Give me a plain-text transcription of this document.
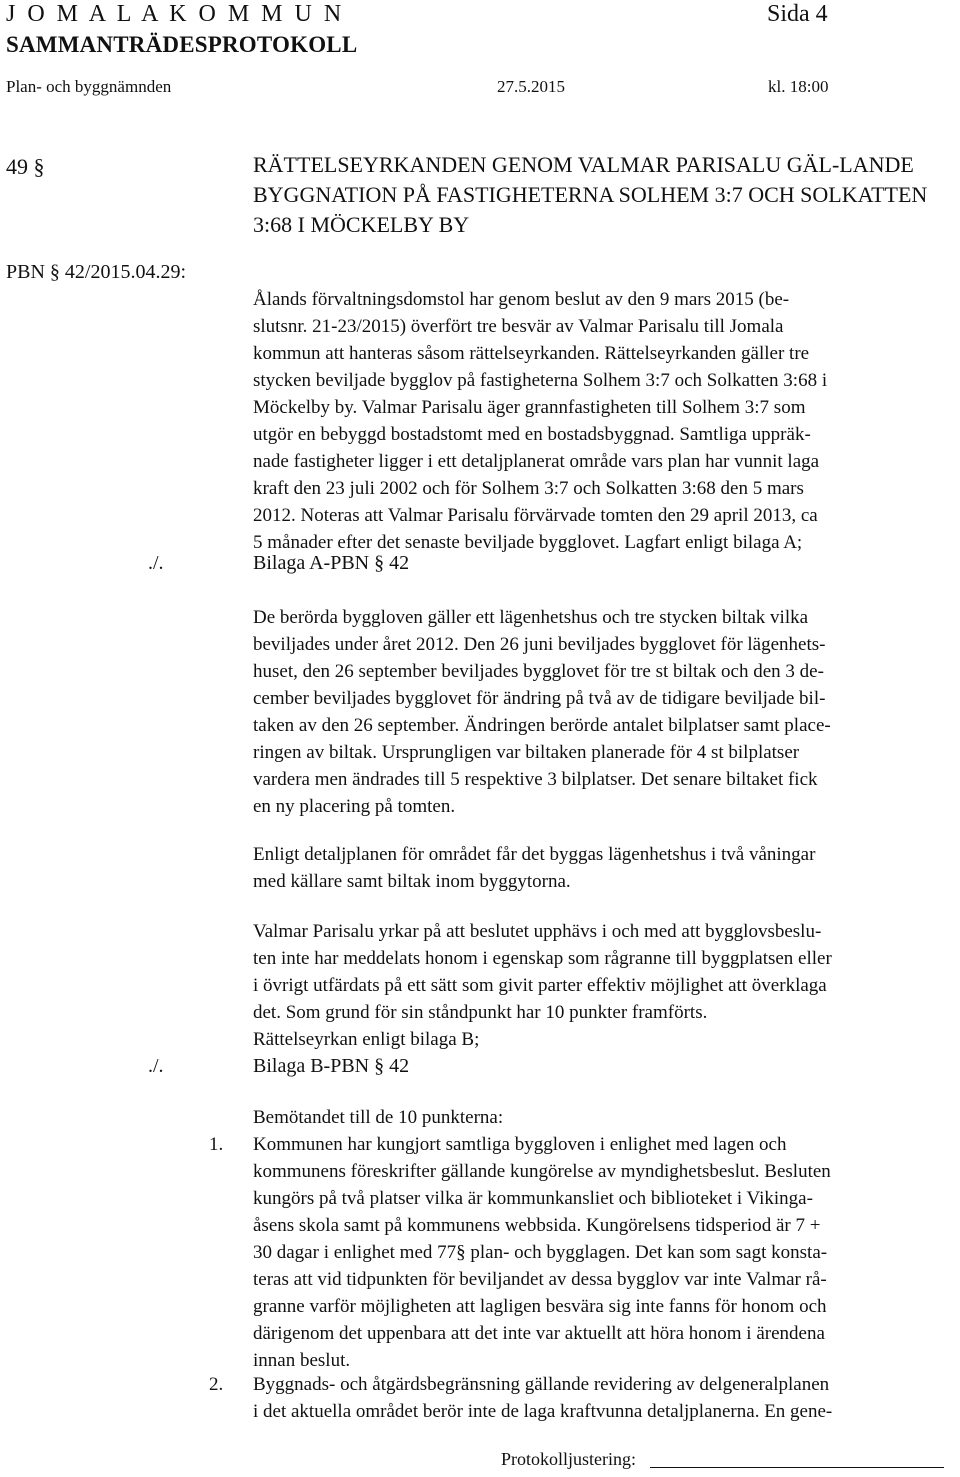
J O M A L A K O M M U N	Sida 4
SAMMANTRÄDESPROTOKOLL
Plan- och byggnämnden	27.5.2015	kl. 18:00
49 §	RÄTTELSEYRKANDEN GENOM VALMAR PARISALU GÄL-LANDE BYGGNATION PÅ FASTIGHETERNA SOLHEM 3:7 OCH SOLKATTEN 3:68 I MÖCKELBY BY
PBN § 42/2015.04.29:
Ålands förvaltningsdomstol har genom beslut av den 9 mars 2015 (be-
slutsnr. 21-23/2015) överfört tre besvär av Valmar Parisalu till Jomala
kommun att hanteras såsom rättelseyrkanden. Rättelseyrkanden gäller tre
stycken beviljade bygglov på fastigheterna Solhem 3:7 och Solkatten 3:68 i
Möckelby by. Valmar Parisalu äger grannfastigheten till Solhem 3:7 som
utgör en bebyggd bostadstomt med en bostadsbyggnad. Samtliga uppräk-
nade fastigheter ligger i ett detaljplanerat område vars plan har vunnit laga
kraft den 23 juli 2002 och för Solhem 3:7 och Solkatten 3:68 den 5 mars
2012. Noteras att Valmar Parisalu förvärvade tomten den 29 april 2013, ca
5 månader efter det senaste beviljade bygglovet. Lagfart enligt bilaga A;
./.	Bilaga A-PBN § 42
De berörda byggloven gäller ett lägenhetshus och tre stycken biltak vilka
beviljades under året 2012. Den 26 juni beviljades bygglovet för lägenhets-
huset, den 26 september beviljades bygglovet för tre st biltak och den 3 de-
cember beviljades bygglovet för ändring på två av de tidigare beviljade bil-
taken av den 26 september. Ändringen berörde antalet bilplatser samt place-
ringen av biltak. Ursprungligen var biltaken planerade för 4 st bilplatser
vardera men ändrades till 5 respektive 3 bilplatser. Det senare biltaket fick
en ny placering på tomten.
Enligt detaljplanen för området får det byggas lägenhetshus i två våningar
med källare samt biltak inom byggytorna.
Valmar Parisalu yrkar på att beslutet upphävs i och med att bygglovsbeslu-
ten inte har meddelats honom i egenskap som rågranne till byggplatsen eller
i övrigt utfärdats på ett sätt som givit parter effektiv möjlighet att överklaga
det. Som grund för sin ståndpunkt har 10 punkter framförts.
Rättelseyrkan enligt bilaga B;
./.	Bilaga B-PBN § 42
Bemötandet till de 10 punkterna:
1. Kommunen har kungjort samtliga byggloven i enlighet med lagen och
kommunens föreskrifter gällande kungörelse av myndighetsbeslut. Besluten
kungörs på två platser vilka är kommunkansliet och biblioteket i Vikinga-
åsens skola samt på kommunens webbsida. Kungörelsens tidsperiod är 7 +
30 dagar i enlighet med 77§ plan- och bygglagen. Det kan som sagt konsta-
teras att vid tidpunkten för beviljandet av dessa bygglov var inte Valmar rå-
granne varför möjligheten att lagligen besvära sig inte fanns för honom och
därigenom det uppenbara att det inte var aktuellt att höra honom i ärendena
innan beslut.
2. Byggnads- och åtgärdsbegränsning gällande revidering av delgeneralplanen
i det aktuella området berör inte de laga kraftvunna detaljplanerna. En gene-
Protokolljustering:
